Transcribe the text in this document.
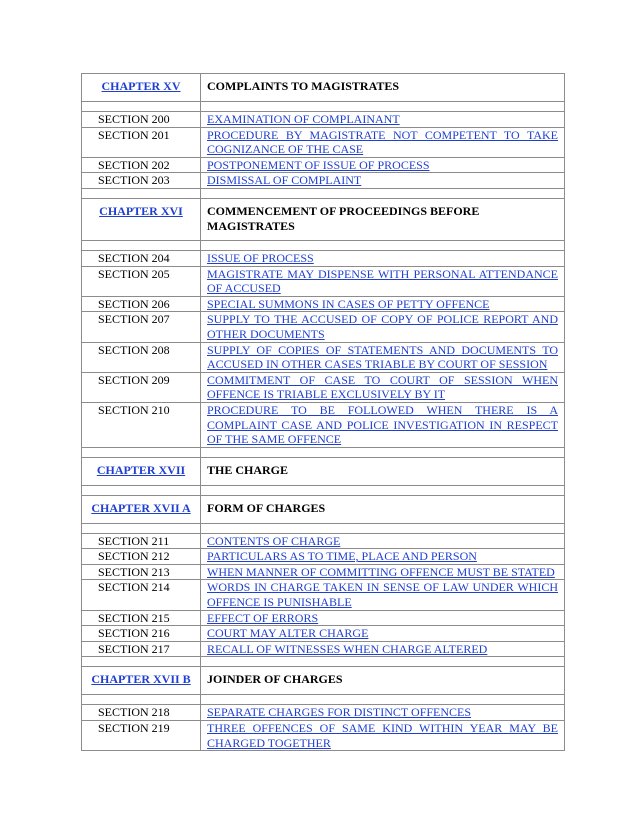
CHAPTER XV	COMPLAINTS TO MAGISTRATES

SECTION 200	EXAMINATION OF COMPLAINANT
SECTION 201	PROCEDURE BY MAGISTRATE NOT COMPETENT TO TAKE COGNIZANCE OF THE CASE
SECTION 202	POSTPONEMENT OF ISSUE OF PROCESS
SECTION 203	DISMISSAL OF COMPLAINT

CHAPTER XVI	COMMENCEMENT OF PROCEEDINGS BEFORE MAGISTRATES

SECTION 204	ISSUE OF PROCESS
SECTION 205	MAGISTRATE MAY DISPENSE WITH PERSONAL ATTENDANCE OF ACCUSED
SECTION 206	SPECIAL SUMMONS IN CASES OF PETTY OFFENCE
SECTION 207	SUPPLY TO THE ACCUSED OF COPY OF POLICE REPORT AND OTHER DOCUMENTS
SECTION 208	SUPPLY OF COPIES OF STATEMENTS AND DOCUMENTS TO ACCUSED IN OTHER CASES TRIABLE BY COURT OF SESSION
SECTION 209	COMMITMENT OF CASE TO COURT OF SESSION WHEN OFFENCE IS TRIABLE EXCLUSIVELY BY IT
SECTION 210	PROCEDURE TO BE FOLLOWED WHEN THERE IS A COMPLAINT CASE AND POLICE INVESTIGATION IN RESPECT OF THE SAME OFFENCE

CHAPTER XVII	THE CHARGE

CHAPTER XVII A	FORM OF CHARGES

SECTION 211	CONTENTS OF CHARGE
SECTION 212	PARTICULARS AS TO TIME, PLACE AND PERSON
SECTION 213	WHEN MANNER OF COMMITTING OFFENCE MUST BE STATED
SECTION 214	WORDS IN CHARGE TAKEN IN SENSE OF LAW UNDER WHICH OFFENCE IS PUNISHABLE
SECTION 215	EFFECT OF ERRORS
SECTION 216	COURT MAY ALTER CHARGE
SECTION 217	RECALL OF WITNESSES WHEN CHARGE ALTERED

CHAPTER XVII B	JOINDER OF CHARGES

SECTION 218	SEPARATE CHARGES FOR DISTINCT OFFENCES
SECTION 219	THREE OFFENCES OF SAME KIND WITHIN YEAR MAY BE CHARGED TOGETHER
